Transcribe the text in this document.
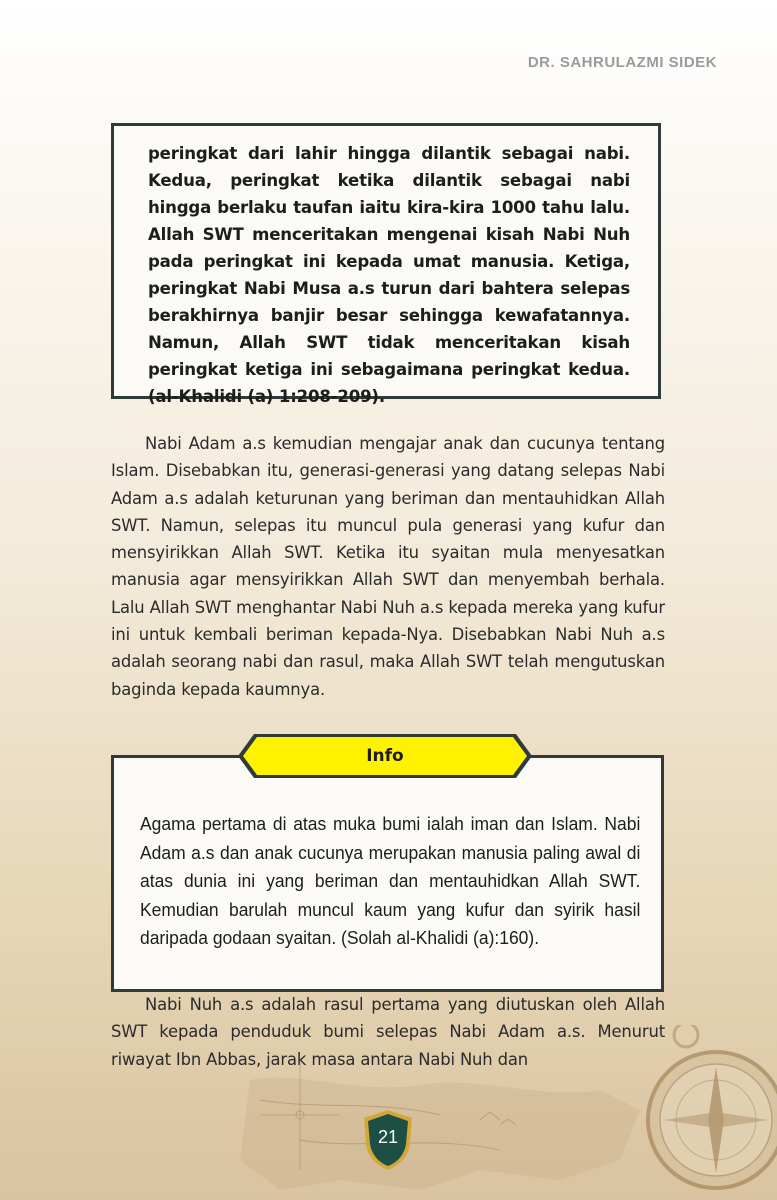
DR. SAHRULAZMI SIDEK

peringkat dari lahir hingga dilantik sebagai nabi. Kedua, peringkat ketika dilantik sebagai nabi hingga berlaku taufan iaitu kira-kira 1000 tahu lalu. Allah SWT menceritakan mengenai kisah Nabi Nuh pada peringkat ini kepada umat manusia. Ketiga, peringkat Nabi Musa a.s turun dari bahtera selepas berakhirnya banjir besar sehingga kewafatannya. Namun, Allah SWT tidak menceritakan kisah peringkat ketiga ini sebagaimana peringkat kedua. (al-Khalidi (a) 1:208-209).

Nabi Adam a.s kemudian mengajar anak dan cucunya tentang Islam. Disebabkan itu, generasi-generasi yang datang selepas Nabi Adam a.s adalah keturunan yang beriman dan mentauhidkan Allah SWT. Namun, selepas itu muncul pula generasi yang kufur dan mensyirikkan Allah SWT. Ketika itu syaitan mula menyesatkan manusia agar mensyirikkan Allah SWT dan menyembah berhala. Lalu Allah SWT menghantar Nabi Nuh a.s kepada mereka yang kufur ini untuk kembali beriman kepada-Nya. Disebabkan Nabi Nuh a.s adalah seorang nabi dan rasul, maka Allah SWT telah mengutuskan baginda kepada kaumnya.

Agama pertama di atas muka bumi ialah iman dan Islam. Nabi Adam a.s dan anak cucunya merupakan manusia paling awal di atas dunia ini yang beriman dan mentauhidkan Allah SWT. Kemudian barulah muncul kaum yang kufur dan syirik hasil daripada godaan syaitan. (Solah al-Khalidi (a):160).

Info

Nabi Nuh a.s adalah rasul pertama yang diutuskan oleh Allah SWT kepada penduduk bumi selepas Nabi Adam a.s. Menurut riwayat Ibn Abbas, jarak masa antara Nabi Nuh dan

21
